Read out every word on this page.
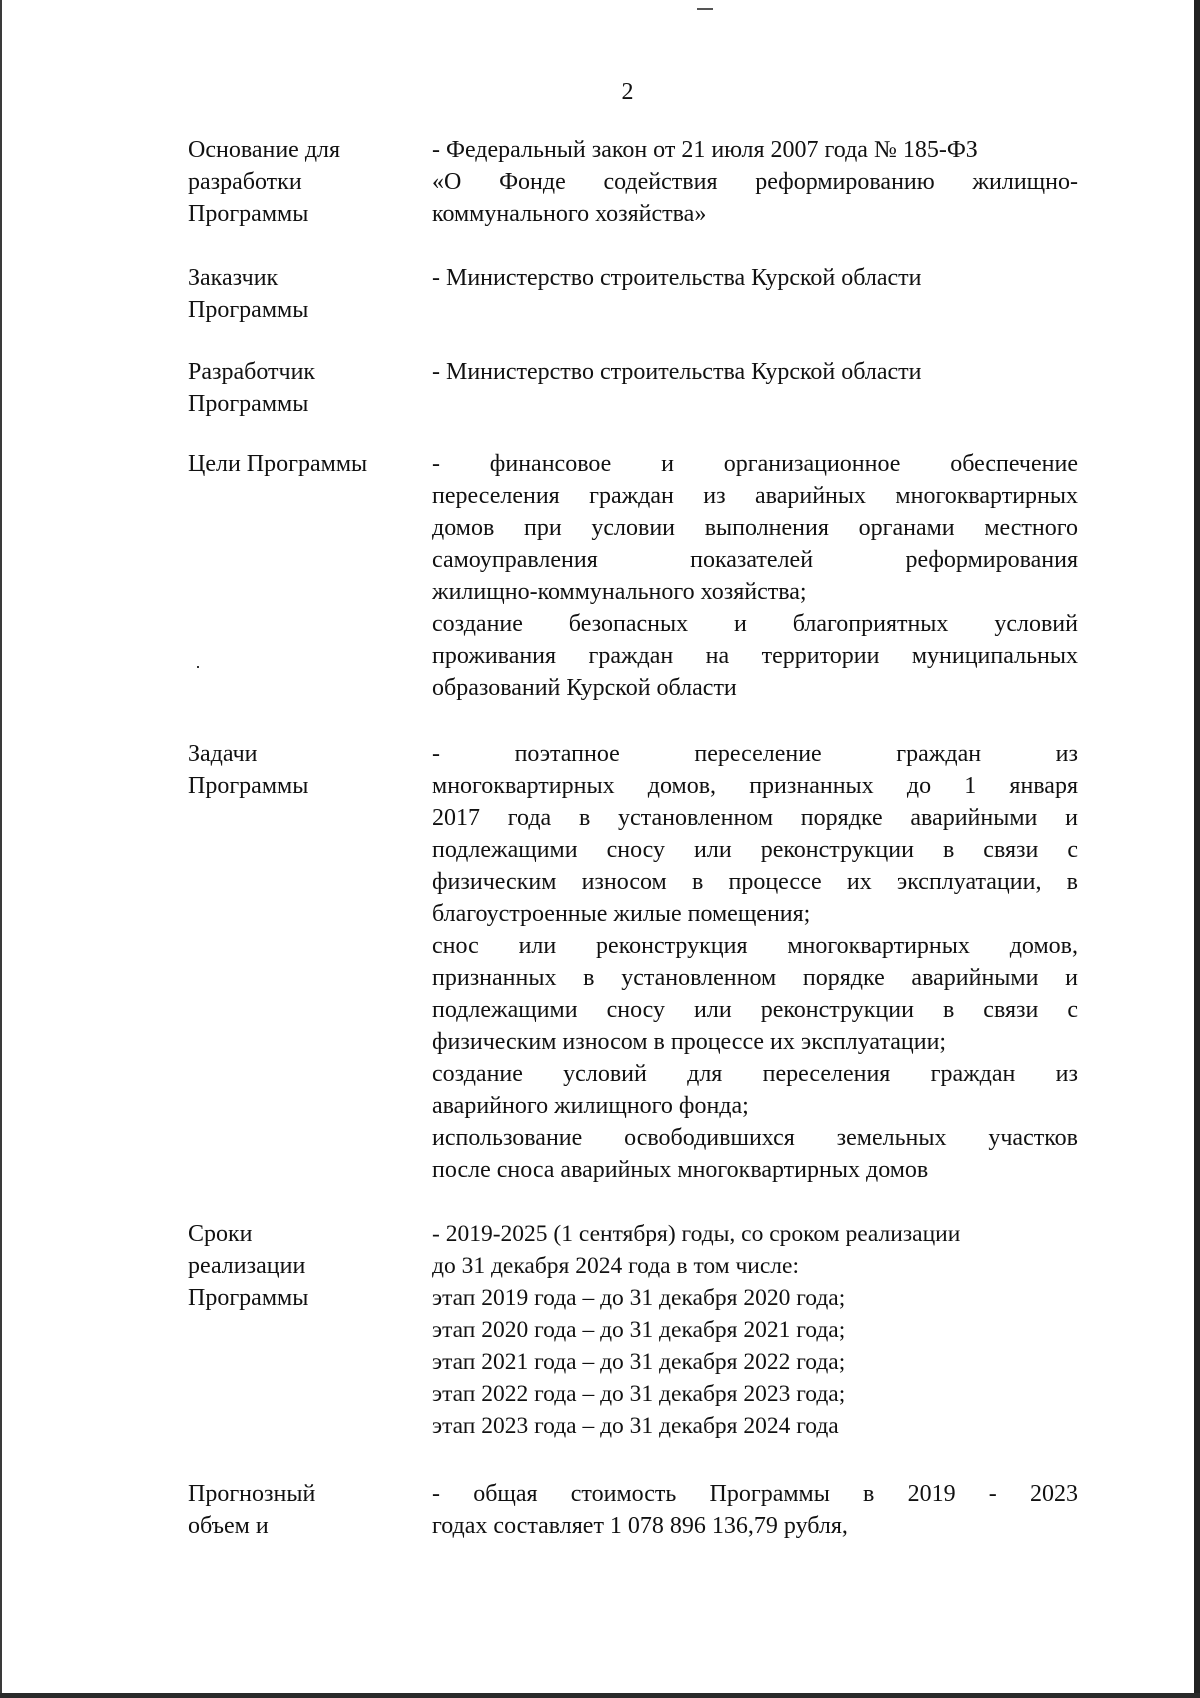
2
Основание для
разработки
Программы
- Федеральный закон от 21 июля 2007 года № 185-ФЗ
«О Фонде содействия реформированию жилищно-
коммунального хозяйства»
Заказчик
Программы
- Министерство строительства Курской области
Разработчик
Программы
- Министерство строительства Курской области
Цели Программы	- финансовое и организационное обеспечение
переселения граждан из аварийных многоквартирных
домов при условии выполнения органами местного
самоуправления показателей реформирования
жилищно-коммунального хозяйства;
создание безопасных и благоприятных условий
проживания граждан на территории муниципальных
образований Курской области
Задачи
Программы
- поэтапное переселение граждан из
многоквартирных домов, признанных до 1 января
2017 года в установленном порядке аварийными и
подлежащими сносу или реконструкции в связи с
физическим износом в процессе их эксплуатации, в
благоустроенные жилые помещения;
снос или реконструкция многоквартирных домов,
признанных в установленном порядке аварийными и
подлежащими сносу или реконструкции в связи с
физическим износом в процессе их эксплуатации;
создание условий для переселения граждан из
аварийного жилищного фонда;
использование освободившихся земельных участков
после сноса аварийных многоквартирных домов
Сроки
реализации
Программы
- 2019-2025 (1 сентября) годы, со сроком реализации
до 31 декабря 2024 года в том числе:
этап 2019 года – до 31 декабря 2020 года;
этап 2020 года – до 31 декабря 2021 года;
этап 2021 года – до 31 декабря 2022 года;
этап 2022 года – до 31 декабря 2023 года;
этап 2023 года – до 31 декабря 2024 года
Прогнозный
объем и
- общая стоимость Программы в 2019 - 2023
годах составляет 1 078 896 136,79 рубля,
